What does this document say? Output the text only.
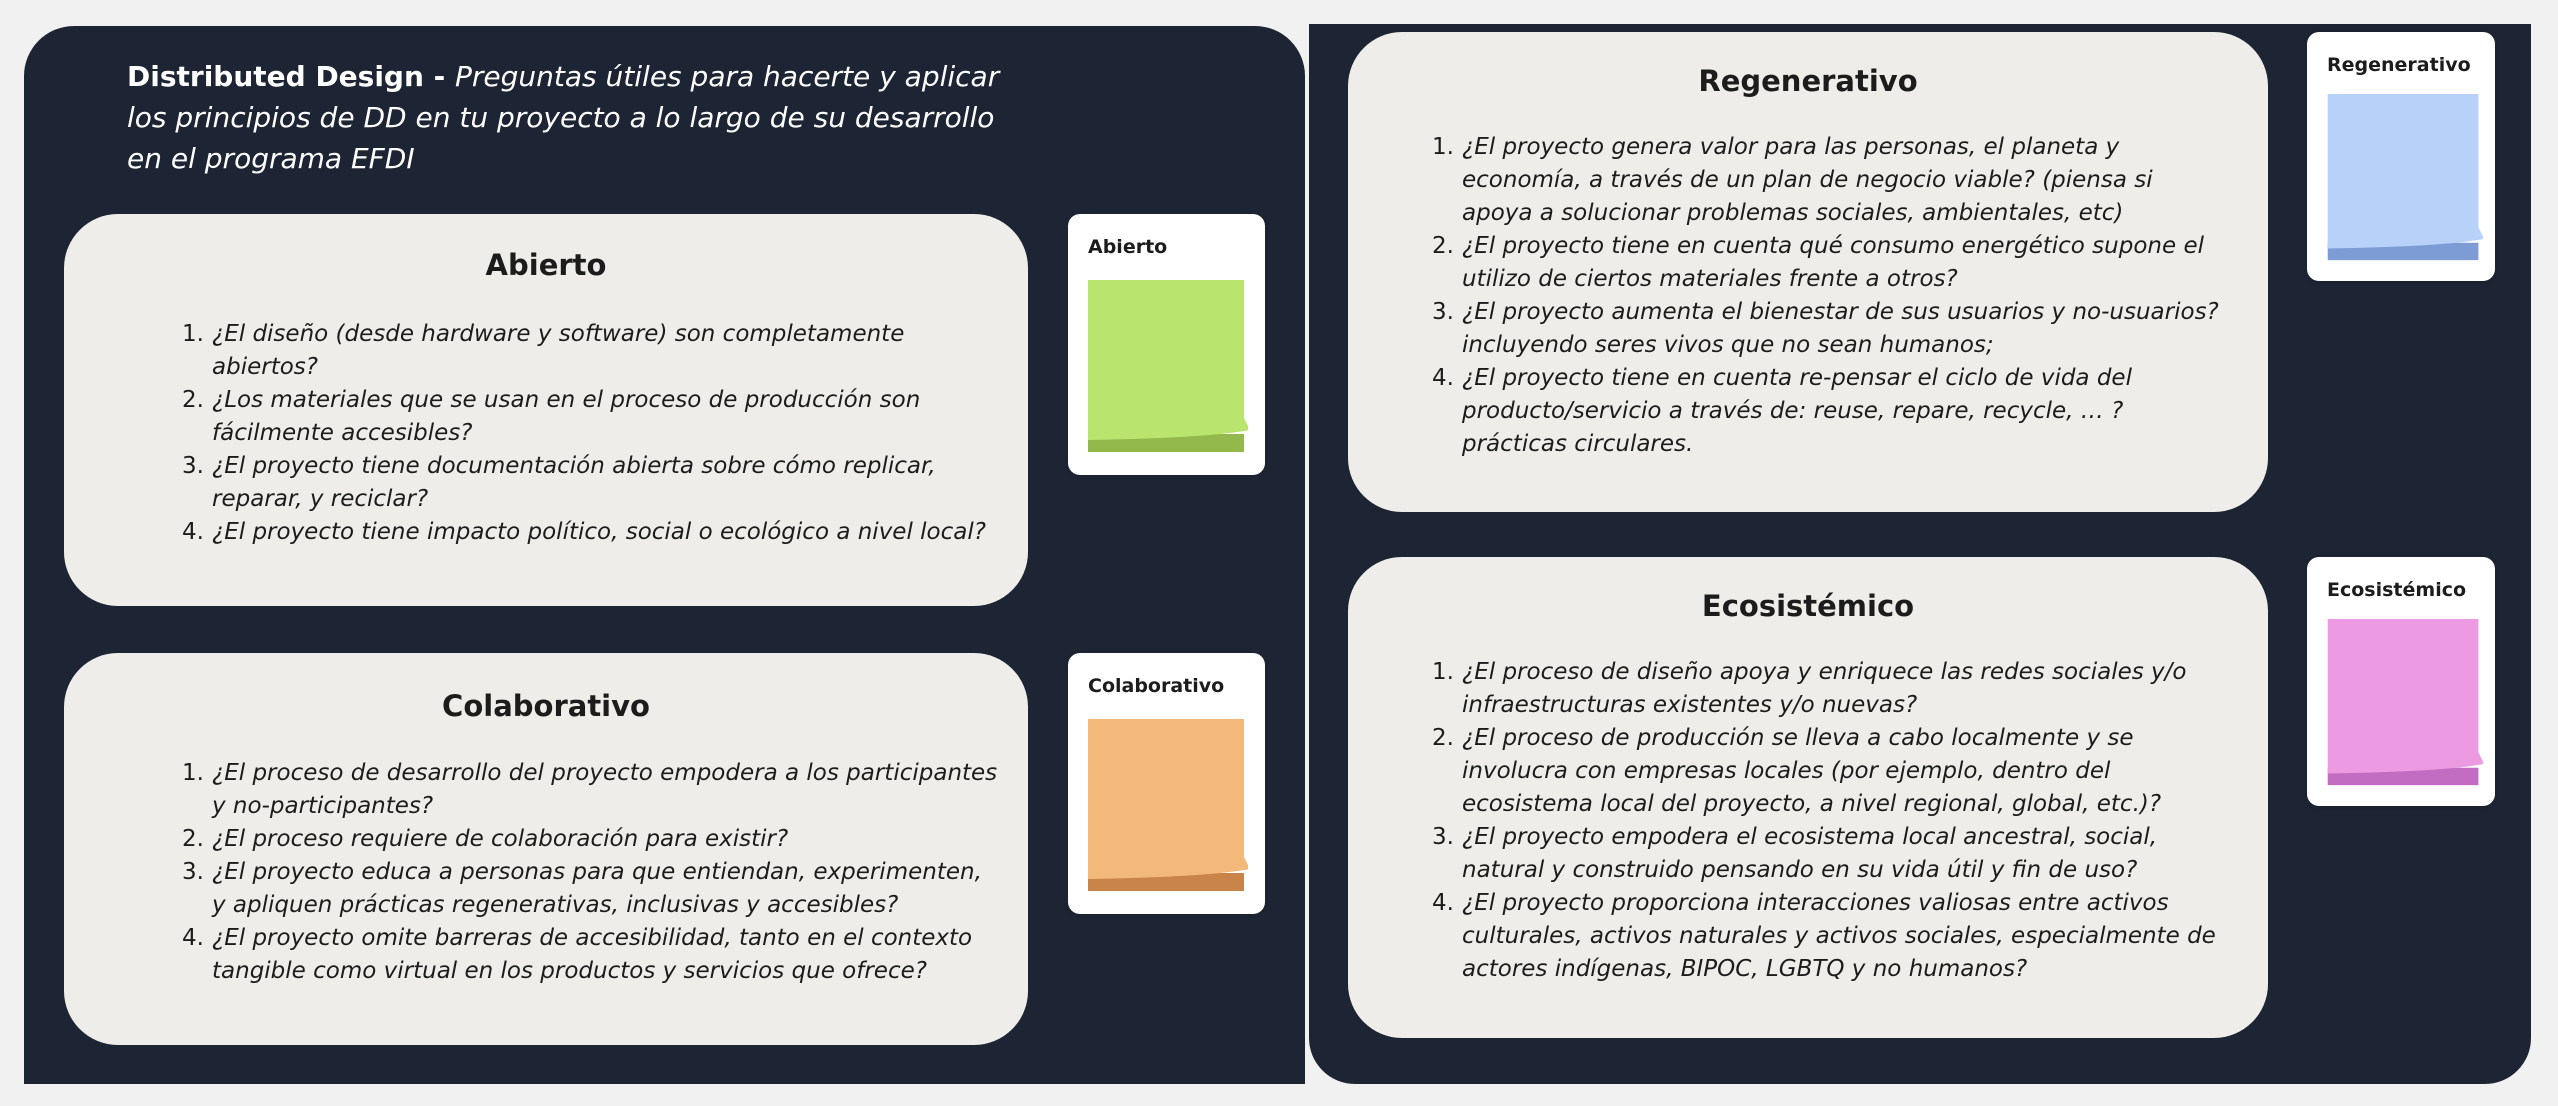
Distributed Design - Preguntas útiles para hacerte y aplicar los principios de DD en tu proyecto a lo largo de su desarrollo en el programa EFDI
Abierto
1. ¿El diseño (desde hardware y software) son completamente abiertos?
2. ¿Los materiales que se usan en el proceso de producción son fácilmente accesibles?
3. ¿El proyecto tiene documentación abierta sobre cómo replicar, reparar, y reciclar?
4. ¿El proyecto tiene impacto político, social o ecológico a nivel local?
Colaborativo
1. ¿El proceso de desarrollo del proyecto empodera a los participantes y no-participantes?
2. ¿El proceso requiere de colaboración para existir?
3. ¿El proyecto educa a personas para que entiendan, experimenten, y apliquen prácticas regenerativas, inclusivas y accesibles?
4. ¿El proyecto omite barreras de accesibilidad, tanto en el contexto tangible como virtual en los productos y servicios que ofrece?
Regenerativo
1. ¿El proyecto genera valor para las personas, el planeta y economía, a través de un plan de negocio viable? (piensa si apoya a solucionar problemas sociales, ambientales, etc)
2. ¿El proyecto tiene en cuenta qué consumo energético supone el utilizo de ciertos materiales frente a otros?
3. ¿El proyecto aumenta el bienestar de sus usuarios y no-usuarios? incluyendo seres vivos que no sean humanos;
4. ¿El proyecto tiene en cuenta re-pensar el ciclo de vida del producto/servicio a través de: reuse, repare, recycle, … ? prácticas circulares.
Ecosistémico
1. ¿El proceso de diseño apoya y enriquece las redes sociales y/o infraestructuras existentes y/o nuevas?
2. ¿El proceso de producción se lleva a cabo localmente y se involucra con empresas locales (por ejemplo, dentro del ecosistema local del proyecto, a nivel regional, global, etc.)?
3. ¿El proyecto empodera el ecosistema local ancestral, social, natural y construido pensando en su vida útil y fin de uso?
4. ¿El proyecto proporciona interacciones valiosas entre activos culturales, activos naturales y activos sociales, especialmente de actores indígenas, BIPOC, LGBTQ y no humanos?
Abierto
Colaborativo
Regenerativo
Ecosistémico
